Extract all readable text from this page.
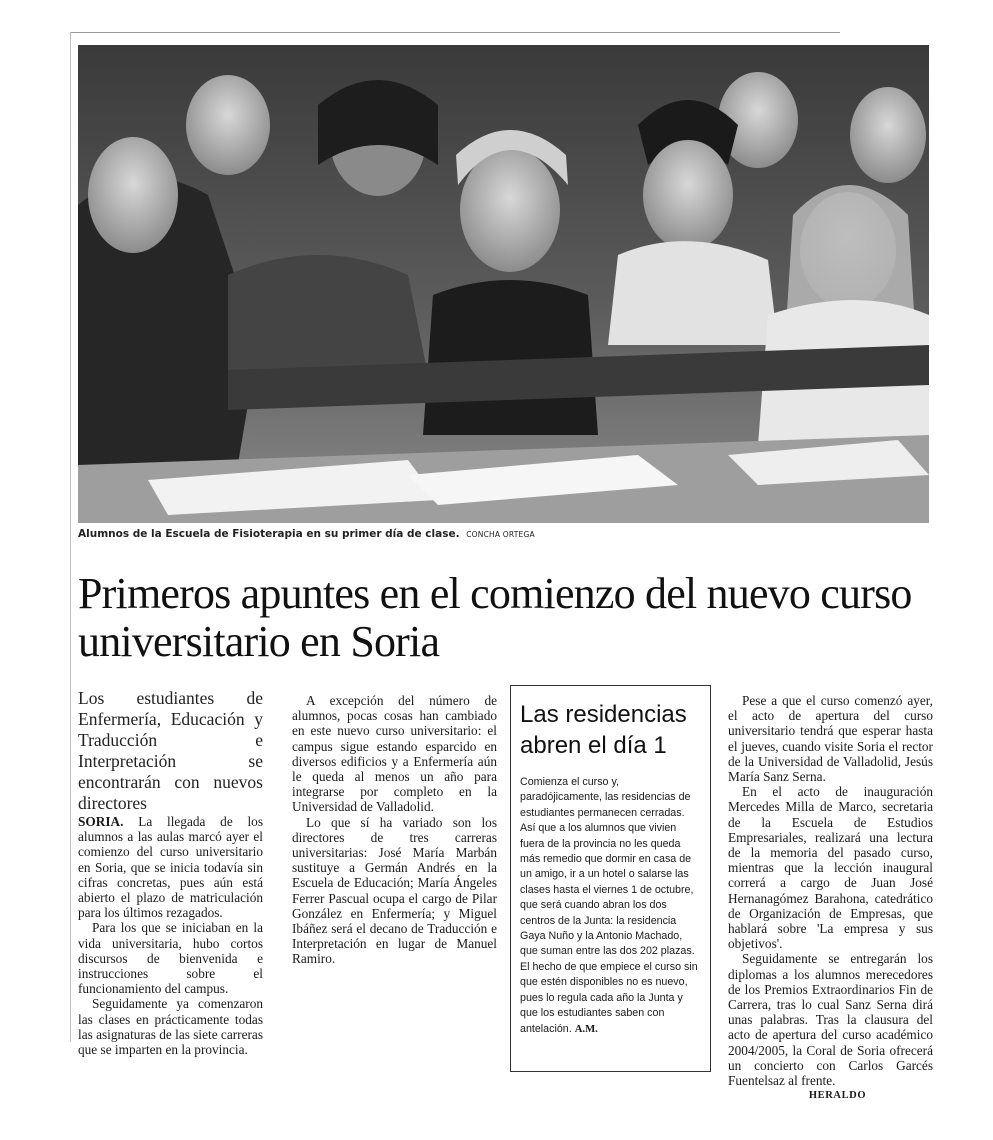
Alumnos de la Escuela de Fisioterapia en su primer día de clase. CONCHA ORTEGA
Primeros apuntes en el comienzo del nuevo curso universitario en Soria

Los estudiantes de Enfermería, Educación y Traducción e Interpretación se encontrarán con nuevos directores

SORIA. La llegada de los alumnos a las aulas marcó ayer el comienzo del curso universitario en Soria, que se inicia todavía sin cifras concretas, pues aún está abierto el plazo de matriculación para los últimos rezagados.

Para los que se iniciaban en la vida universitaria, hubo cortos discursos de bienvenida e instrucciones sobre el funcionamiento del campus.

Seguidamente ya comenzaron las clases en prácticamente todas las asignaturas de las siete carreras que se imparten en la provincia.

A excepción del número de alumnos, pocas cosas han cambiado en este nuevo curso universitario: el campus sigue estando esparcido en diversos edificios y a Enfermería aún le queda al menos un año para integrarse por completo en la Universidad de Valladolid.

Lo que sí ha variado son los directores de tres carreras universitarias: José María Marbán sustituye a Germán Andrés en la Escuela de Educación; María Ángeles Ferrer Pascual ocupa el cargo de Pilar González en Enfermería; y Miguel Ibáñez será el decano de Traducción e Interpretación en lugar de Manuel Ramiro.

Las residencias abren el día 1

Comienza el curso y, paradójicamente, las residencias de estudiantes permanecen cerradas. Así que a los alumnos que vivien fuera de la provincia no les queda más remedio que dormir en casa de un amigo, ir a un hotel o salarse las clases hasta el viernes 1 de octubre, que será cuando abran los dos centros de la Junta: la residencia Gaya Nuño y la Antonio Machado, que suman entre las dos 202 plazas. El hecho de que empiece el curso sin que estén disponibles no es nuevo, pues lo regula cada año la Junta y que los estudiantes saben con antelación. A.M.

Pese a que el curso comenzó ayer, el acto de apertura del curso universitario tendrá que esperar hasta el jueves, cuando visite Soria el rector de la Universidad de Valladolid, Jesús María Sanz Serna.

En el acto de inauguración Mercedes Milla de Marco, secretaria de la Escuela de Estudios Empresariales, realizará una lectura de la memoria del pasado curso, mientras que la lección inaugural correrá a cargo de Juan José Hernanagómez Barahona, catedrático de Organización de Empresas, que hablará sobre 'La empresa y sus objetivos'.

Seguidamente se entregarán los diplomas a los alumnos merecedores de los Premios Extraordinarios Fin de Carrera, tras lo cual Sanz Serna dirá unas palabras. Tras la clausura del acto de apertura del curso académico 2004/2005, la Coral de Soria ofrecerá un concierto con Carlos Garcés Fuentelsaz al frente.

HERALDO
